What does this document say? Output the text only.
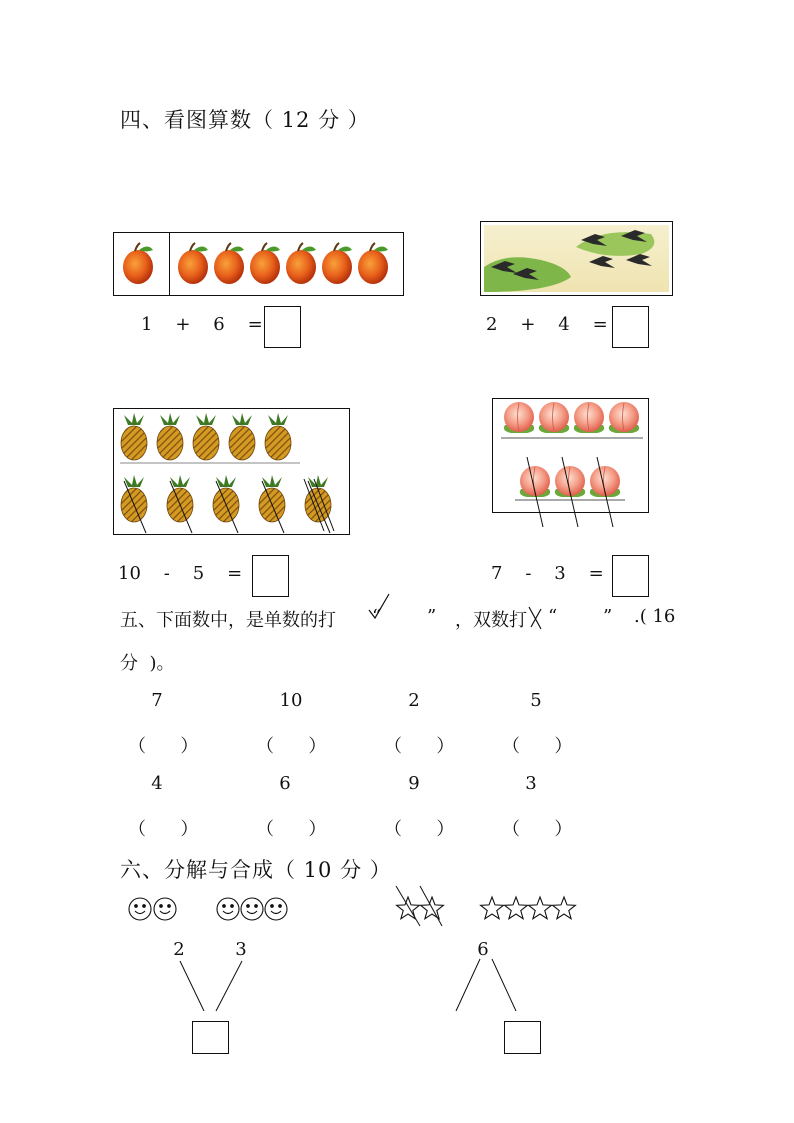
四、看图算数（ 12 分 ）
1    +    6    =	2    +    4    =
10    -    5    =	7    -    3    =
五、下面数中，是单数的打 “        ” ，双数打 “        ” .( 16
分  )。
7	10	2	5
（      ）	（      ）	（      ）	（      ）
4	6	9	3
（      ）	（      ）	（      ）	（      ）
六、分解与合成（ 10 分 ）
2	3	6
